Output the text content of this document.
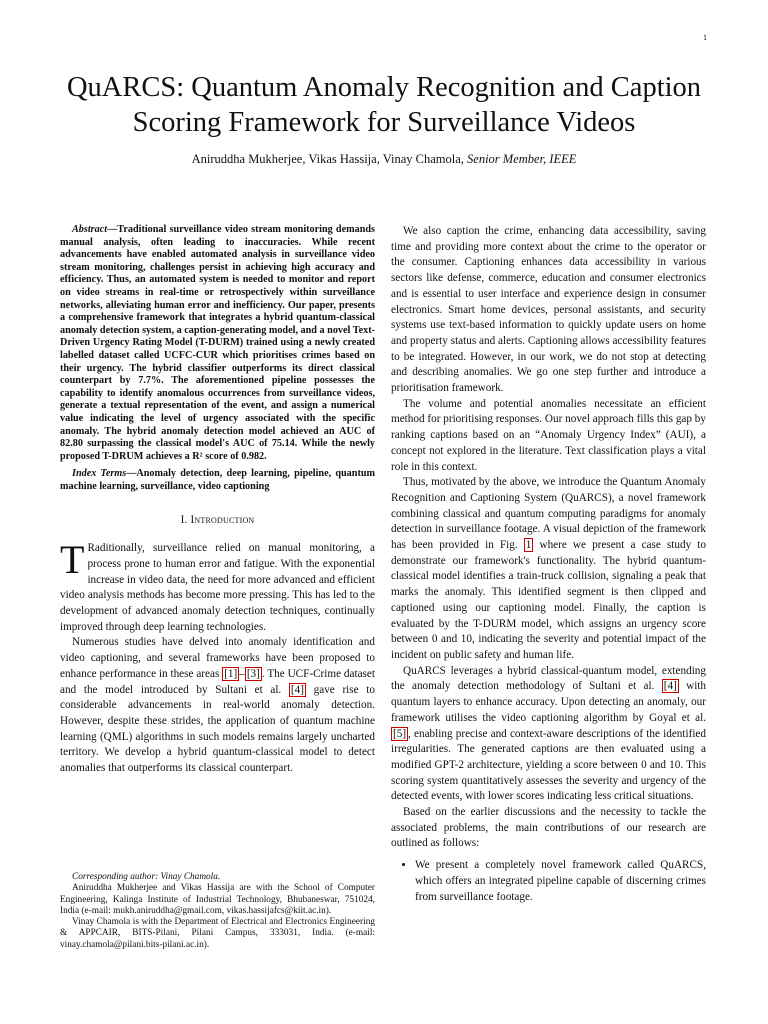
1
QuARCS: Quantum Anomaly Recognition and Caption Scoring Framework for Surveillance Videos
Aniruddha Mukherjee, Vikas Hassija, Vinay Chamola, Senior Member, IEEE

Abstract—Traditional surveillance video stream monitoring demands manual analysis, often leading to inaccuracies. While recent advancements have enabled automated analysis in surveillance video stream monitoring, challenges persist in achieving high accuracy and efficiency. Thus, an automated system is needed to monitor and report on video streams in real-time or retrospectively within surveillance networks, alleviating human error and inefficiency. Our paper, presents a comprehensive framework that integrates a hybrid quantum-classical anomaly detection system, a caption-generating model, and a novel Text-Driven Urgency Rating Model (T-DURM) trained using a newly created labelled dataset called UCFC-CUR which prioritises crimes based on their urgency. The hybrid classifier outperforms its direct classical counterpart by 7.7%. The aforementioned pipeline possesses the capability to identify anomalous occurrences from surveillance videos, generate a textual representation of the event, and assign a numerical value indicating the level of urgency associated with the specific anomaly. The hybrid anomaly detection model achieved an AUC of 82.80 surpassing the classical model's AUC of 75.14. While the newly proposed T-DRUM achieves a R² score of 0.982.

Index Terms—Anomaly detection, deep learning, pipeline, quantum machine learning, surveillance, video captioning

I. Introduction

T Raditionally, surveillance relied on manual monitoring, a process prone to human error and fatigue. With the exponential increase in video data, the need for more advanced and efficient video analysis methods has become more pressing. This has led to the development of advanced anomaly detection techniques, continually improved through deep learning technologies.

Numerous studies have delved into anomaly identification and video captioning, and several frameworks have been proposed to enhance performance in these areas [1] – [3] . The UCF-Crime dataset and the model introduced by Sultani et al. [4] gave rise to considerable advancements in real-world anomaly detection. However, despite these strides, the application of quantum machine learning (QML) algorithms in such models remains largely uncharted territory. We develop a hybrid quantum-classical model to detect anomalies that outperforms its classical counterpart.

Corresponding author: Vinay Chamola.

Aniruddha Mukherjee and Vikas Hassija are with the School of Computer Engineering, Kalinga Institute of Industrial Technology, Bhubaneswar, 751024, India (e-mail: mukh.aniruddha@gmail.com, vikas.hassijafcs@kiit.ac.in).

Vinay Chamola is with the Department of Electrical and Electronics Engineering & APPCAIR, BITS-Pilani, Pilani Campus, 333031, India. (e-mail: vinay.chamola@pilani.bits-pilani.ac.in).

We also caption the crime, enhancing data accessibility, saving time and providing more context about the crime to the operator or the consumer. Captioning enhances data accessibility in various sectors like defense, commerce, education and consumer electronics and is essential to user interface and experience design in consumer electronics. Smart home devices, personal assistants, and security systems use text-based information to quickly update users on home and property status and alerts. Captioning allows accessibility features to be integrated. However, in our work, we do not stop at detecting and describing anomalies. We go one step further and introduce a prioritisation framework.

The volume and potential anomalies necessitate an efficient method for prioritising responses. Our novel approach fills this gap by ranking captions based on an “Anomaly Urgency Index” (AUI), a concept not explored in the literature. Text classification plays a vital role in this context.

Thus, motivated by the above, we introduce the Quantum Anomaly Recognition and Captioning System (QuARCS), a novel framework combining classical and quantum computing paradigms for anomaly detection in surveillance footage. A visual depiction of the framework has been provided in Fig. 1 where we present a case study to demonstrate our framework's functionality. The hybrid quantum-classical model identifies a train-truck collision, signaling a peak that marks the anomaly. This identified segment is then clipped and captioned using our captioning model. Finally, the caption is evaluated by the T-DURM model, which assigns an urgency score between 0 and 10, indicating the severity and potential impact of the incident on public safety and human life.

QuARCS leverages a hybrid classical-quantum model, extending the anomaly detection methodology of Sultani et al. [4] with quantum layers to enhance accuracy. Upon detecting an anomaly, our framework utilises the video captioning algorithm by Goyal et al. [5] , enabling precise and context-aware descriptions of the identified irregularities. The generated captions are then evaluated using a modified GPT-2 architecture, yielding a score between 0 and 10. This scoring system quantitatively assesses the severity and urgency of the detected events, with lower scores indicating less critical situations.

Based on the earlier discussions and the necessity to tackle the associated problems, the main contributions of our research are outlined as follows:

• We present a completely novel framework called QuARCS, which offers an integrated pipeline capable of discerning crimes from surveillance footage.
